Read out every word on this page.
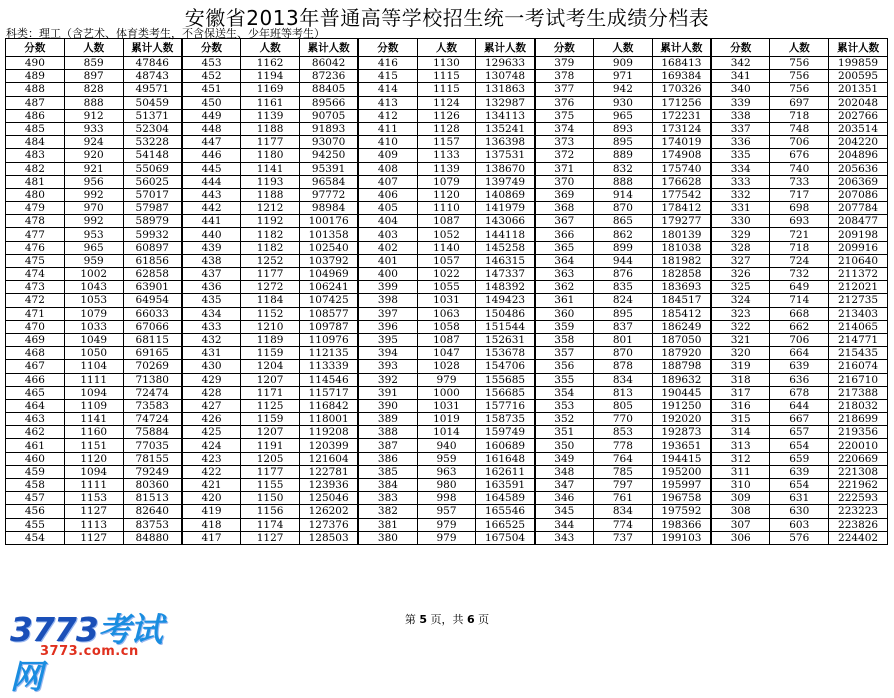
安徽省2013年普通高等学校招生统一考试考生成绩分档表
科类：理工（含艺术、体育类考生，不含保送生、少年班等考生）
分数	人数	累计人数	分数	人数	累计人数	分数	人数	累计人数	分数	人数	累计人数	分数	人数	累计人数
490	859	47846	453	1162	86042	416	1130	129633	379	909	168413	342	756	199859
489	897	48743	452	1194	87236	415	1115	130748	378	971	169384	341	756	200595
488	828	49571	451	1169	88405	414	1115	131863	377	942	170326	340	756	201351
487	888	50459	450	1161	89566	413	1124	132987	376	930	171256	339	697	202048
486	912	51371	449	1139	90705	412	1126	134113	375	965	172231	338	718	202766
485	933	52304	448	1188	91893	411	1128	135241	374	893	173124	337	748	203514
484	924	53228	447	1177	93070	410	1157	136398	373	895	174019	336	706	204220
483	920	54148	446	1180	94250	409	1133	137531	372	889	174908	335	676	204896
482	921	55069	445	1141	95391	408	1139	138670	371	832	175740	334	740	205636
481	956	56025	444	1193	96584	407	1079	139749	370	888	176628	333	733	206369
480	992	57017	443	1188	97772	406	1120	140869	369	914	177542	332	717	207086
479	970	57987	442	1212	98984	405	1110	141979	368	870	178412	331	698	207784
478	992	58979	441	1192	100176	404	1087	143066	367	865	179277	330	693	208477
477	953	59932	440	1182	101358	403	1052	144118	366	862	180139	329	721	209198
476	965	60897	439	1182	102540	402	1140	145258	365	899	181038	328	718	209916
475	959	61856	438	1252	103792	401	1057	146315	364	944	181982	327	724	210640
474	1002	62858	437	1177	104969	400	1022	147337	363	876	182858	326	732	211372
473	1043	63901	436	1272	106241	399	1055	148392	362	835	183693	325	649	212021
472	1053	64954	435	1184	107425	398	1031	149423	361	824	184517	324	714	212735
471	1079	66033	434	1152	108577	397	1063	150486	360	895	185412	323	668	213403
470	1033	67066	433	1210	109787	396	1058	151544	359	837	186249	322	662	214065
469	1049	68115	432	1189	110976	395	1087	152631	358	801	187050	321	706	214771
468	1050	69165	431	1159	112135	394	1047	153678	357	870	187920	320	664	215435
467	1104	70269	430	1204	113339	393	1028	154706	356	878	188798	319	639	216074
466	1111	71380	429	1207	114546	392	979	155685	355	834	189632	318	636	216710
465	1094	72474	428	1171	115717	391	1000	156685	354	813	190445	317	678	217388
464	1109	73583	427	1125	116842	390	1031	157716	353	805	191250	316	644	218032
463	1141	74724	426	1159	118001	389	1019	158735	352	770	192020	315	667	218699
462	1160	75884	425	1207	119208	388	1014	159749	351	853	192873	314	657	219356
461	1151	77035	424	1191	120399	387	940	160689	350	778	193651	313	654	220010
460	1120	78155	423	1205	121604	386	959	161648	349	764	194415	312	659	220669
459	1094	79249	422	1177	122781	385	963	162611	348	785	195200	311	639	221308
458	1111	80360	421	1155	123936	384	980	163591	347	797	195997	310	654	221962
457	1153	81513	420	1150	125046	383	998	164589	346	761	196758	309	631	222593
456	1127	82640	419	1156	126202	382	957	165546	345	834	197592	308	630	223223
455	1113	83753	418	1174	127376	381	979	166525	344	774	198366	307	603	223826
454	1127	84880	417	1127	128503	380	979	167504	343	737	199103	306	576	224402
第 5 页，共 6 页
3773考试网
3773.com.cn
